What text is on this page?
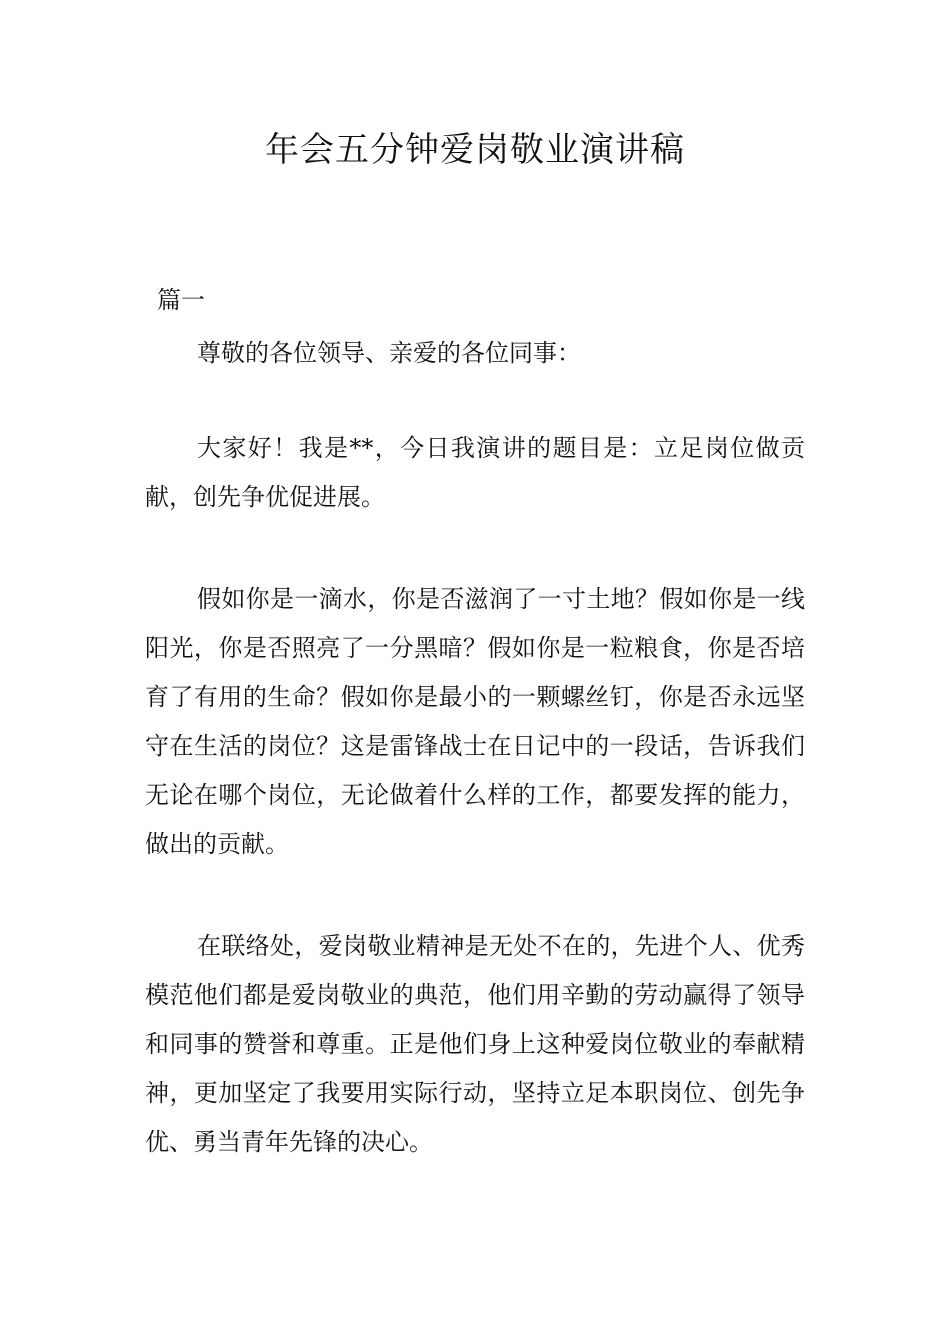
年会五分钟爱岗敬业演讲稿
篇一

尊敬的各位领导、亲爱的各位同事：

大家好！我是**，今日我演讲的题目是：立足岗位做贡献，创先争优促进展。

假如你是一滴水，你是否滋润了一寸土地？假如你是一线阳光，你是否照亮了一分黑暗？假如你是一粒粮食，你是否培育了有用的生命？假如你是最小的一颗螺丝钉，你是否永远坚守在生活的岗位？这是雷锋战士在日记中的一段话，告诉我们无论在哪个岗位，无论做着什么样的工作，都要发挥的能力，做出的贡献。

在联络处，爱岗敬业精神是无处不在的，先进个人、优秀模范他们都是爱岗敬业的典范，他们用辛勤的劳动赢得了领导和同事的赞誉和尊重。正是他们身上这种爱岗位敬业的奉献精神，更加坚定了我要用实际行动，坚持立足本职岗位、创先争优、勇当青年先锋的决心。
